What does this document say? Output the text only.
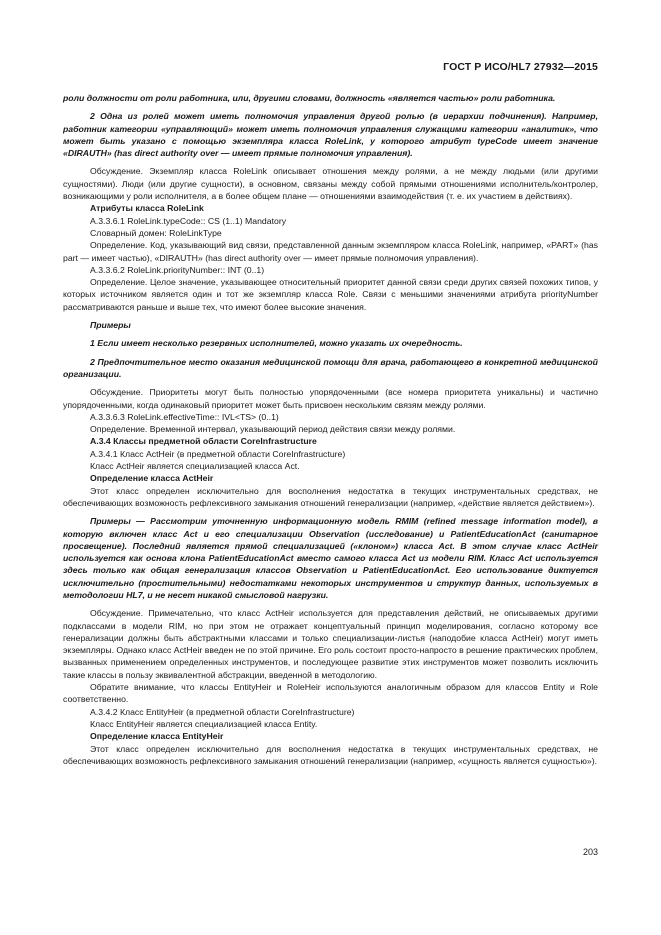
ГОСТ Р ИСО/HL7 27932—2015

роли должности от роли работника, или, другими словами, должность «является частью» роли работника.

2 Одна из ролей может иметь полномочия управления другой ролью (в иерархии подчинения). Например, работник категории «управляющий» может иметь полномочия управления служащими категории «аналитик», что может быть указано с помощью экземпляра класса RoleLink, у которого атрибут typeCode имеет значение «DIRAUTH» (has direct authority over — имеет прямые полномочия управления).

Обсуждение. Экземпляр класса RoleLink описывает отношения между ролями, а не между людьми (или другими сущностями). Люди (или другие сущности), в основном, связаны между собой прямыми отношениями исполнитель/контролер, возникающими у роли исполнителя, а в более общем плане — отношениями взаимодействия (т. е. их участием в действиях).

Атрибуты класса RoleLink

A.3.3.6.1 RoleLink.typeCode:: CS (1..1) Mandatory

Словарный домен: RoleLinkType

Определение. Код, указывающий вид связи, представленной данным экземпляром класса RoleLink, например, «PART» (has part — имеет частью), «DIRAUTH» (has direct authority over — имеет прямые полномочия управления).

A.3.3.6.2 RoleLink.priorityNumber:: INT (0..1)

Определение. Целое значение, указывающее относительный приоритет данной связи среди других связей похожих типов, у которых источником является один и тот же экземпляр класса Role. Связи с меньшими значениями атрибута priorityNumber рассматриваются раньше и выше тех, что имеют более высокие значения.

Примеры

1 Если имеет несколько резервных исполнителей, можно указать их очередность.

2 Предпочтительное место оказания медицинской помощи для врача, работающего в конкретной медицинской организации.

Обсуждение. Приоритеты могут быть полностью упорядоченными (все номера приоритета уникальны) и частично упорядоченными, когда одинаковый приоритет может быть присвоен нескольким связям между ролями.

A.3.3.6.3 RoleLink.effectiveTime:: IVL<TS> (0..1)

Определение. Временной интервал, указывающий период действия связи между ролями.

A.3.4 Классы предметной области CoreInfrastructure

A.3.4.1 Класс ActHeir (в предметной области CoreInfrastructure)

Класс ActHeir является специализацией класса Act.

Определение класса ActHeir

Этот класс определен исключительно для восполнения недостатка в текущих инструментальных средствах, не обеспечивающих возможность рефлексивного замыкания отношений генерализации (например, «действие является действием»).

Примеры — Рассмотрим уточненную информационную модель RMIM (refined message information model), в которую включен класс Act и его специализации Observation (исследование) и PatientEducationAct (санитарное просвещение). Последний является прямой специализацией («клоном») класса Act. В этом случае класс ActHeir используется как основа клона PatientEducationAct вместо самого класса Act из модели RIM. Класс Act используется здесь только как общая генерализация классов Observation и PatientEducationAct. Его использование диктуется исключительно (простительными) недостатками некоторых инструментов и структур данных, используемых в методологии HL7, и не несет никакой смысловой нагрузки.

Обсуждение. Примечательно, что класс ActHeir используется для представления действий, не описываемых другими подклассами в модели RIM, но при этом не отражает концептуальный принцип моделирования, согласно которому все генерализации должны быть абстрактными классами и только специализации-листья (наподобие класса ActHeir) могут иметь экземпляры. Однако класс ActHeir введен не по этой причине. Его роль состоит просто-напросто в решение практических проблем, вызванных применением определенных инструментов, и последующее развитие этих инструментов может позволить исключить такие классы в пользу эквивалентной абстракции, введенной в методологию.

Обратите внимание, что классы EntityHeir и RoleHeir используются аналогичным образом для классов Entity и Role соответственно.

A.3.4.2 Класс EntityHeir (в предметной области CoreInfrastructure)

Класс EntityHeir является специализацией класса Entity.

Определение класса EntityHeir

Этот класс определен исключительно для восполнения недостатка в текущих инструментальных средствах, не обеспечивающих возможность рефлексивного замыкания отношений генерализации (например, «сущность является сущностью»).

203
